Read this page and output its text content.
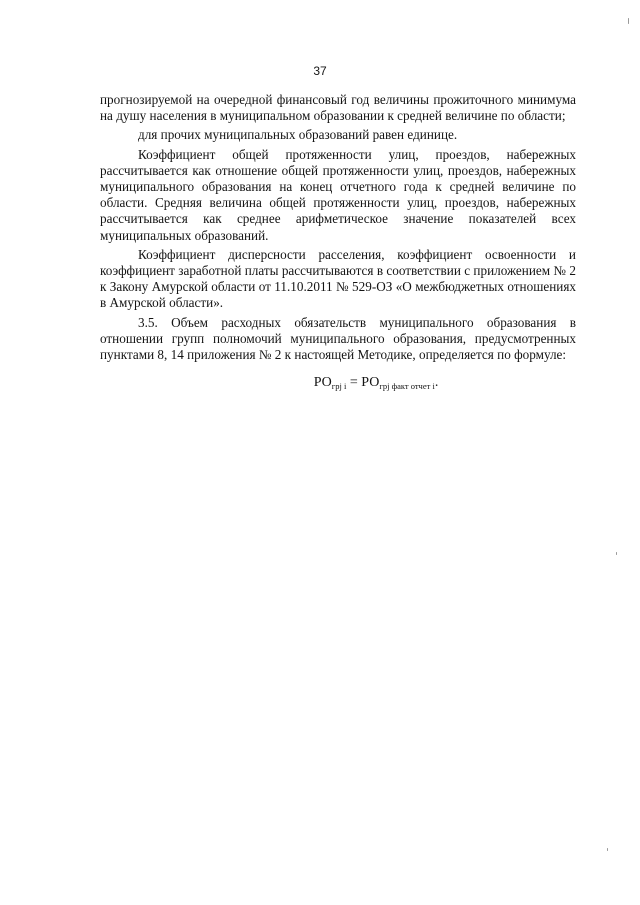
37

прогнозируемой на очередной финансовый год величины прожиточного минимума на душу населения в муниципальном образовании к средней величине по области;

для прочих муниципальных образований равен единице.

Коэффициент общей протяженности улиц, проездов, набережных рассчитывается как отношение общей протяженности улиц, проездов, набережных муниципального образования на конец отчетного года к средней величине по области. Средняя величина общей протяженности улиц, проездов, набережных рассчитывается как среднее арифметическое значение показателей всех муниципальных образований.

Коэффициент дисперсности расселения, коэффициент освоенности и коэффициент заработной платы рассчитываются в соответствии с приложением № 2 к Закону Амурской области от 11.10.2011 № 529-ОЗ «О межбюджетных отношениях в Амурской области».

3.5. Объем расходных обязательств муниципального образования в отношении групп полномочий муниципального образования, предусмотренных пунктами 8, 14 приложения № 2 к настоящей Методике, определяется по формуле:

$РО_{грj i} = РО_{грj факт отчет i}$.
